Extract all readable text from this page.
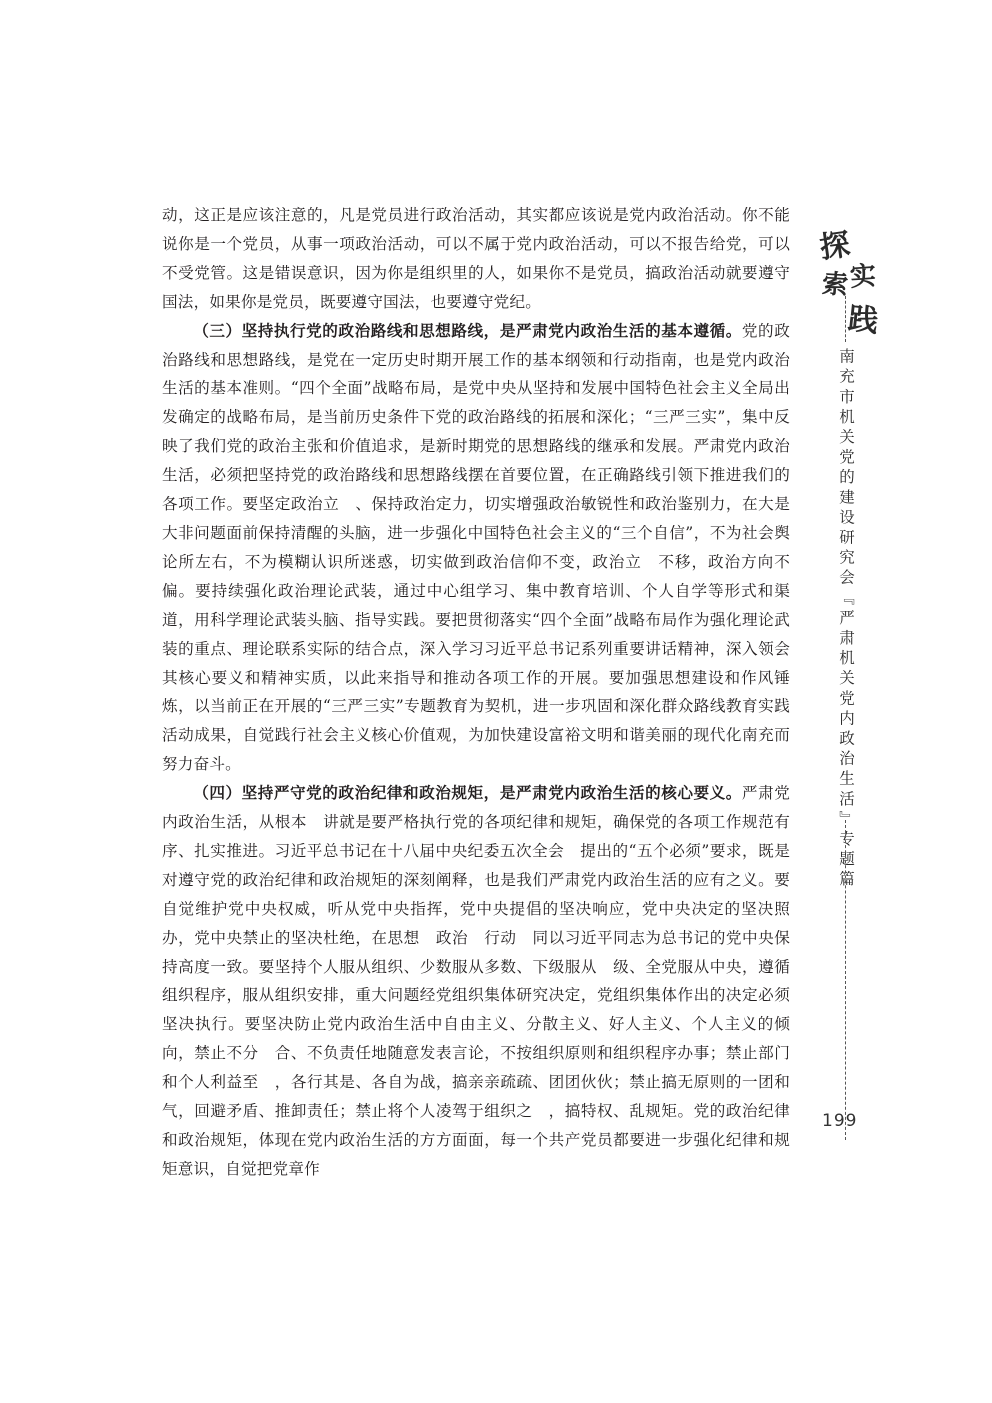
动，这正是应该注意的，凡是党员进行政治活动，其实都应该说是党内政治活动。你不能说你是一个党员，从事一项政治活动，可以不属于党内政治活动，可以不报告给党，可以不受党管。这是错误意识，因为你是组织里的人，如果你不是党员，搞政治活动就要遵守国法，如果你是党员，既要遵守国法，也要遵守党纪。

（三）坚持执行党的政治路线和思想路线，是严肃党内政治生活的基本遵循。党的政治路线和思想路线，是党在一定历史时期开展工作的基本纲领和行动指南，也是党内政治生活的基本准则。“四个全面”战略布局，是党中央从坚持和发展中国特色社会主义全局出发确定的战略布局，是当前历史条件下党的政治路线的拓展和深化；“三严三实”，集中反映了我们党的政治主张和价值追求，是新时期党的思想路线的继承和发展。严肃党内政治生活，必须把坚持党的政治路线和思想路线摆在首要位置，在正确路线引领下推进我们的各项工作。要坚定政治立　、保持政治定力，切实增强政治敏锐性和政治鉴别力，在大是大非问题面前保持清醒的头脑，进一步强化中国特色社会主义的“三个自信”，不为社会舆论所左右，不为模糊认识所迷惑，切实做到政治信仰不变，政治立　不移，政治方向不偏。要持续强化政治理论武装，通过中心组学习、集中教育培训、个人自学等形式和渠道，用科学理论武装头脑、指导实践。要把贯彻落实“四个全面”战略布局作为强化理论武装的重点、理论联系实际的结合点，深入学习习近平总书记系列重要讲话精神，深入领会其核心要义和精神实质，以此来指导和推动各项工作的开展。要加强思想建设和作风锤炼，以当前正在开展的“三严三实”专题教育为契机，进一步巩固和深化群众路线教育实践活动成果，自觉践行社会主义核心价值观，为加快建设富裕文明和谐美丽的现代化南充而努力奋斗。

（四）坚持严守党的政治纪律和政治规矩，是严肃党内政治生活的核心要义。严肃党内政治生活，从根本　讲就是要严格执行党的各项纪律和规矩，确保党的各项工作规范有序、扎实推进。习近平总书记在十八届中央纪委五次全会　提出的“五个必须”要求，既是对遵守党的政治纪律和政治规矩的深刻阐释，也是我们严肃党内政治生活的应有之义。要自觉维护党中央权威，听从党中央指挥，党中央提倡的坚决响应，党中央决定的坚决照办，党中央禁止的坚决杜绝，在思想　政治　行动　同以习近平同志为总书记的党中央保持高度一致。要坚持个人服从组织、少数服从多数、下级服从　级、全党服从中央，遵循组织程序，服从组织安排，重大问题经党组织集体研究决定，党组织集体作出的决定必须坚决执行。要坚决防止党内政治生活中自由主义、分散主义、好人主义、个人主义的倾向，禁止不分　合、不负责任地随意发表言论，不按组织原则和组织程序办事；禁止部门和个人利益至　，各行其是、各自为战，搞亲亲疏疏、团团伙伙；禁止搞无原则的一团和气，回避矛盾、推卸责任；禁止将个人凌驾于组织之　，搞特权、乱规矩。党的政治纪律和政治规矩，体现在党内政治生活的方方面面，每一个共产党员都要进一步强化纪律和规矩意识，自觉把党章作

探
索 实
践
南充市机关党的建设研究会『严肃机关党内政治生活』专题篇
199
